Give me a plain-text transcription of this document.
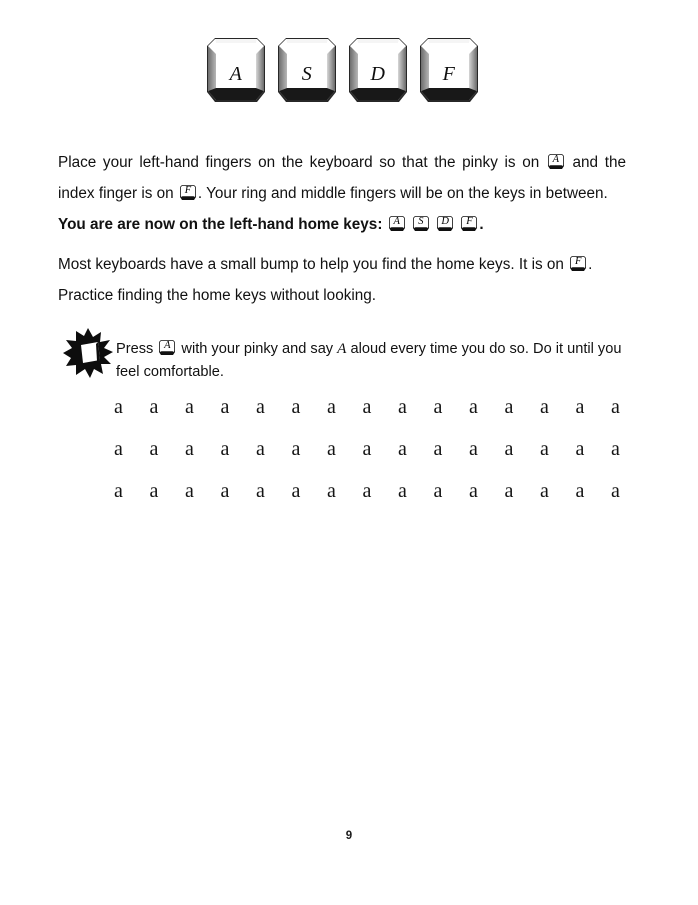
A	S	D	F
Place your left-hand fingers on the keyboard so that the pinky is on A and the index finger is on F . Your ring and middle fingers will be on the keys in between.
You are are now on the left-hand home keys: A
	S
	D
	F .
Most keyboards have a small bump to help you find the home keys. It is on F .
Practice finding the home keys without looking.
Press A with your pinky and say A aloud every time you do so. Do it until you feel comfortable.
a a a a a a a a a a a a a a a
a a a a a a a a a a a a a a a
a a a a a a a a a a a a a a a
9
